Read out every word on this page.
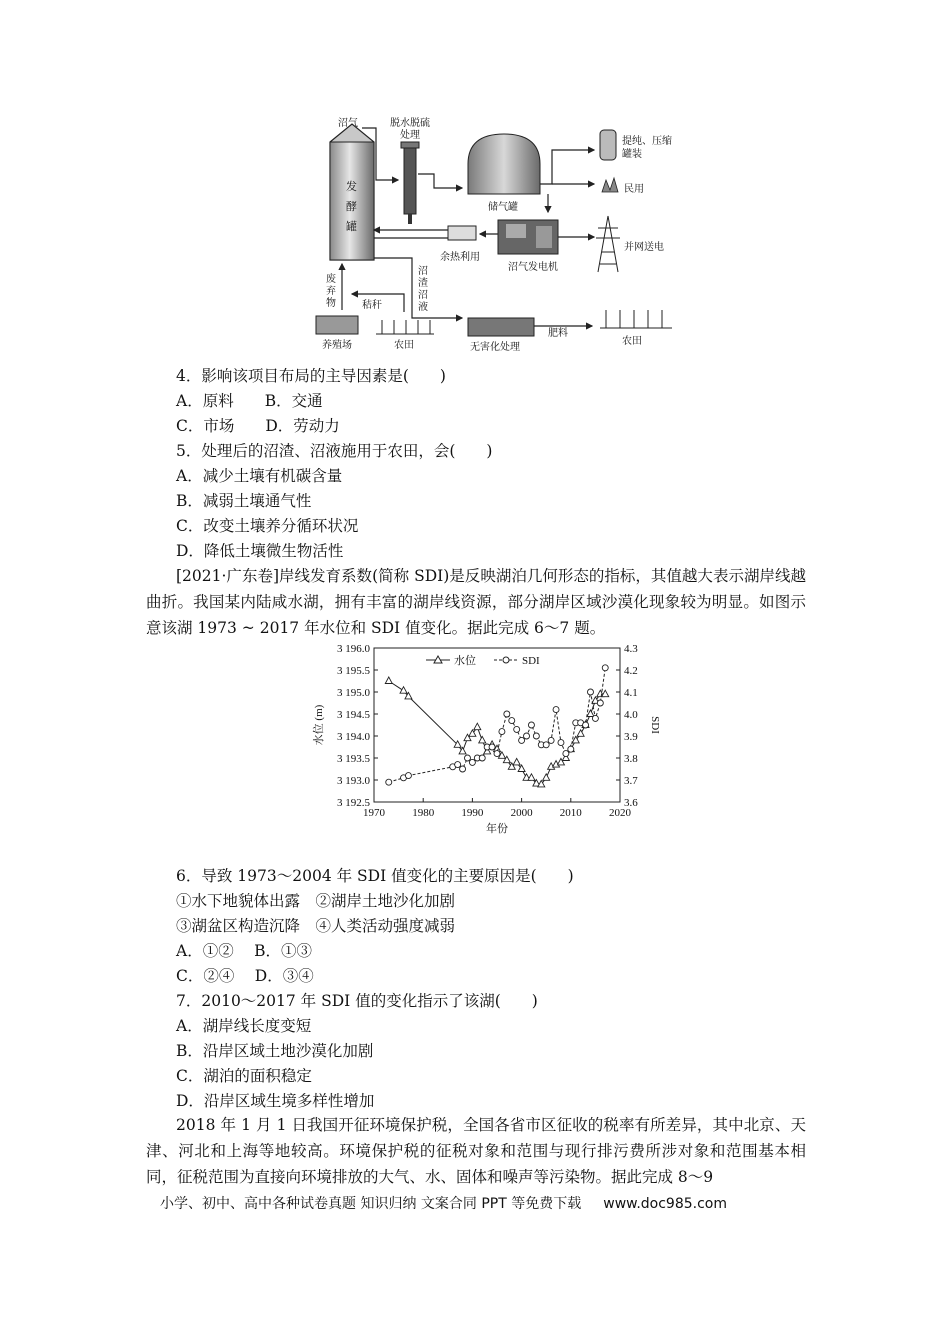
发
酵
罐
沼气	脱水脱硫
处理
储气罐
提纯、压缩
罐装
民用
并网送电
沼气发电机
余热利用
废
弃
物	秸秆
沼
渣
沼
液
养殖场	农田	无害化处理
肥料
农田
4．影响该项目布局的主导因素是(　　)
A．原料　　B．交通
C．市场　　D．劳动力
5．处理后的沼渣、沼液施用于农田，会(　　)
A．减少土壤有机碳含量
B．减弱土壤通气性
C．改变土壤养分循环状况
D．降低土壤微生物活性
[2021·广东卷]岸线发育系数(简称 SDI)是反映湖泊几何形态的指标，其值越大表示湖岸线越曲折。我国某内陆咸水湖，拥有丰富的湖岸线资源，部分湖岸区域沙漠化现象较为明显。如图示意该湖 1973 ~ 2017 年水位和 SDI 值变化。据此完成 6～7 题。
1970 1980 1990 2000 2010 2020
年份
3 196.0
3 195.5
3 195.0
3 194.5
3 194.0
3 193.5
3 193.0
3 192.5
4.3
4.2
4.1
4.0
3.9
3.8
3.7
3.6
水位 (m)	SDI
水位	SDI
6．导致 1973～2004 年 SDI 值变化的主要原因是(　　)
①水下地貌体出露　②湖岸土地沙化加剧
③湖盆区构造沉降　④人类活动强度减弱
A．①②　 B．①③
C．②④　 D．③④
7．2010～2017 年 SDI 值的变化指示了该湖(　　)
A．湖岸线长度变短
B．沿岸区域土地沙漠化加剧
C．湖泊的面积稳定
D．沿岸区域生境多样性增加
2018 年 1 月 1 日我国开征环境保护税，全国各省市区征收的税率有所差异，其中北京、天津、河北和上海等地较高。环境保护税的征税对象和范围与现行排污费所涉对象和范围基本相同，征税范围为直接向环境排放的大气、水、固体和噪声等污染物。据此完成 8～9
小学、初中、高中各种试卷真题 知识归纳 文案合同 PPT 等免费下载 www.doc985.com
